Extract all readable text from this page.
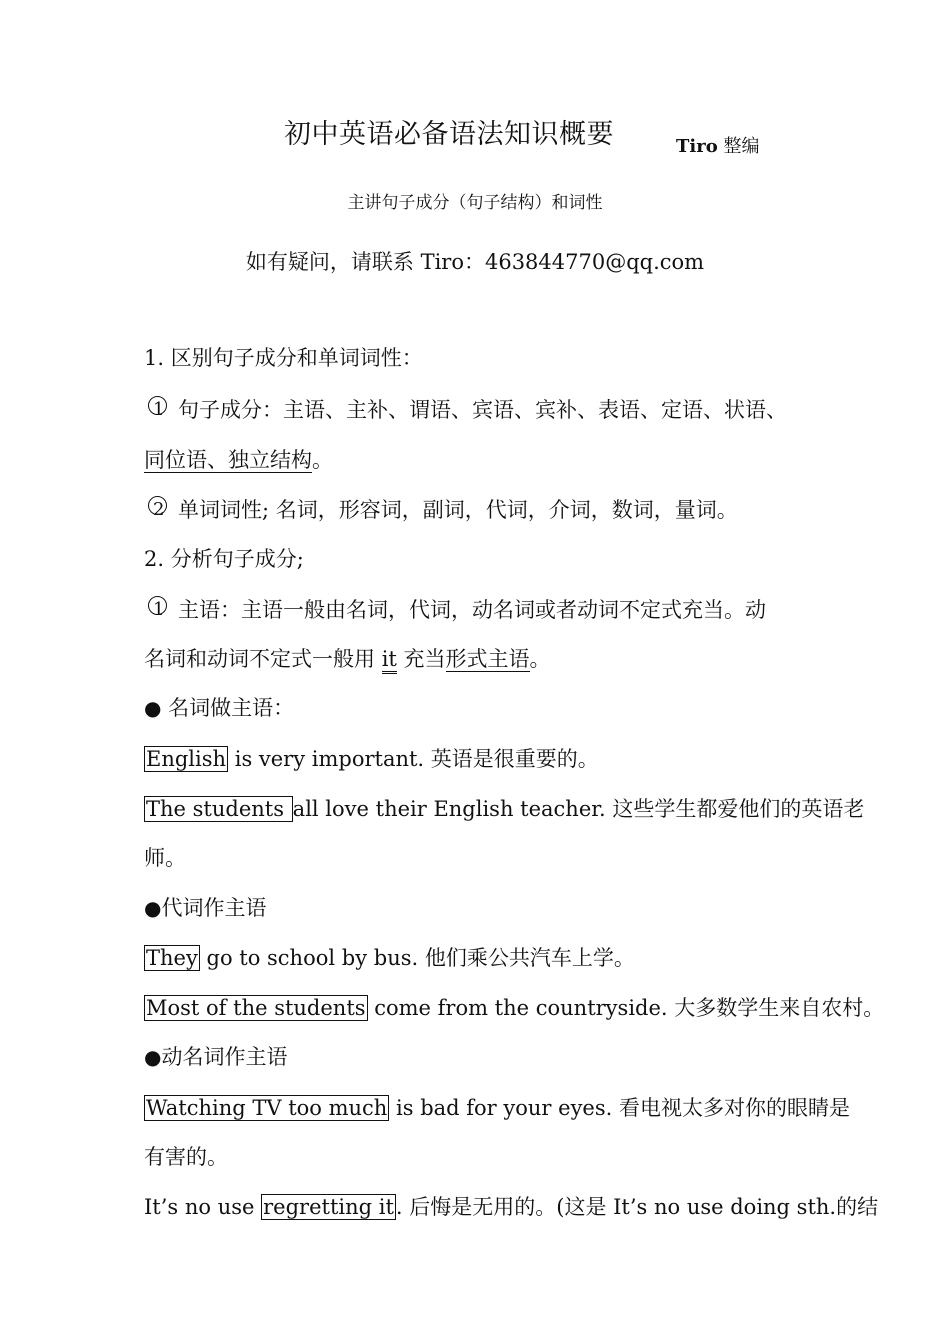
初中英语必备语法知识概要	Tiro 整编
主讲句子成分（句子结构）和词性
如有疑问，请联系 Tiro：463844770@qq.com
1. 区别句子成分和单词词性：
1 句子成分：主语、主补、谓语、宾语、宾补、表语、定语、状语、
同位语、独立结构。
2 单词词性; 名词，形容词，副词，代词，介词，数词，量词。
2. 分析句子成分;
1 主语：主语一般由名词，代词，动名词或者动词不定式充当。动
名词和动词不定式一般用 it 充当形式主语。
● 名词做主语：
English is very important. 英语是很重要的。
The students all love their English teacher. 这些学生都爱他们的英语老
师。
●代词作主语
They go to school by bus. 他们乘公共汽车上学。
Most of the students come from the countryside. 大多数学生来自农村。
●动名词作主语
Watching TV too much is bad for your eyes. 看电视太多对你的眼睛是
有害的。
It’s no use regretting it. 后悔是无用的。(这是 It’s no use doing sth.的结
